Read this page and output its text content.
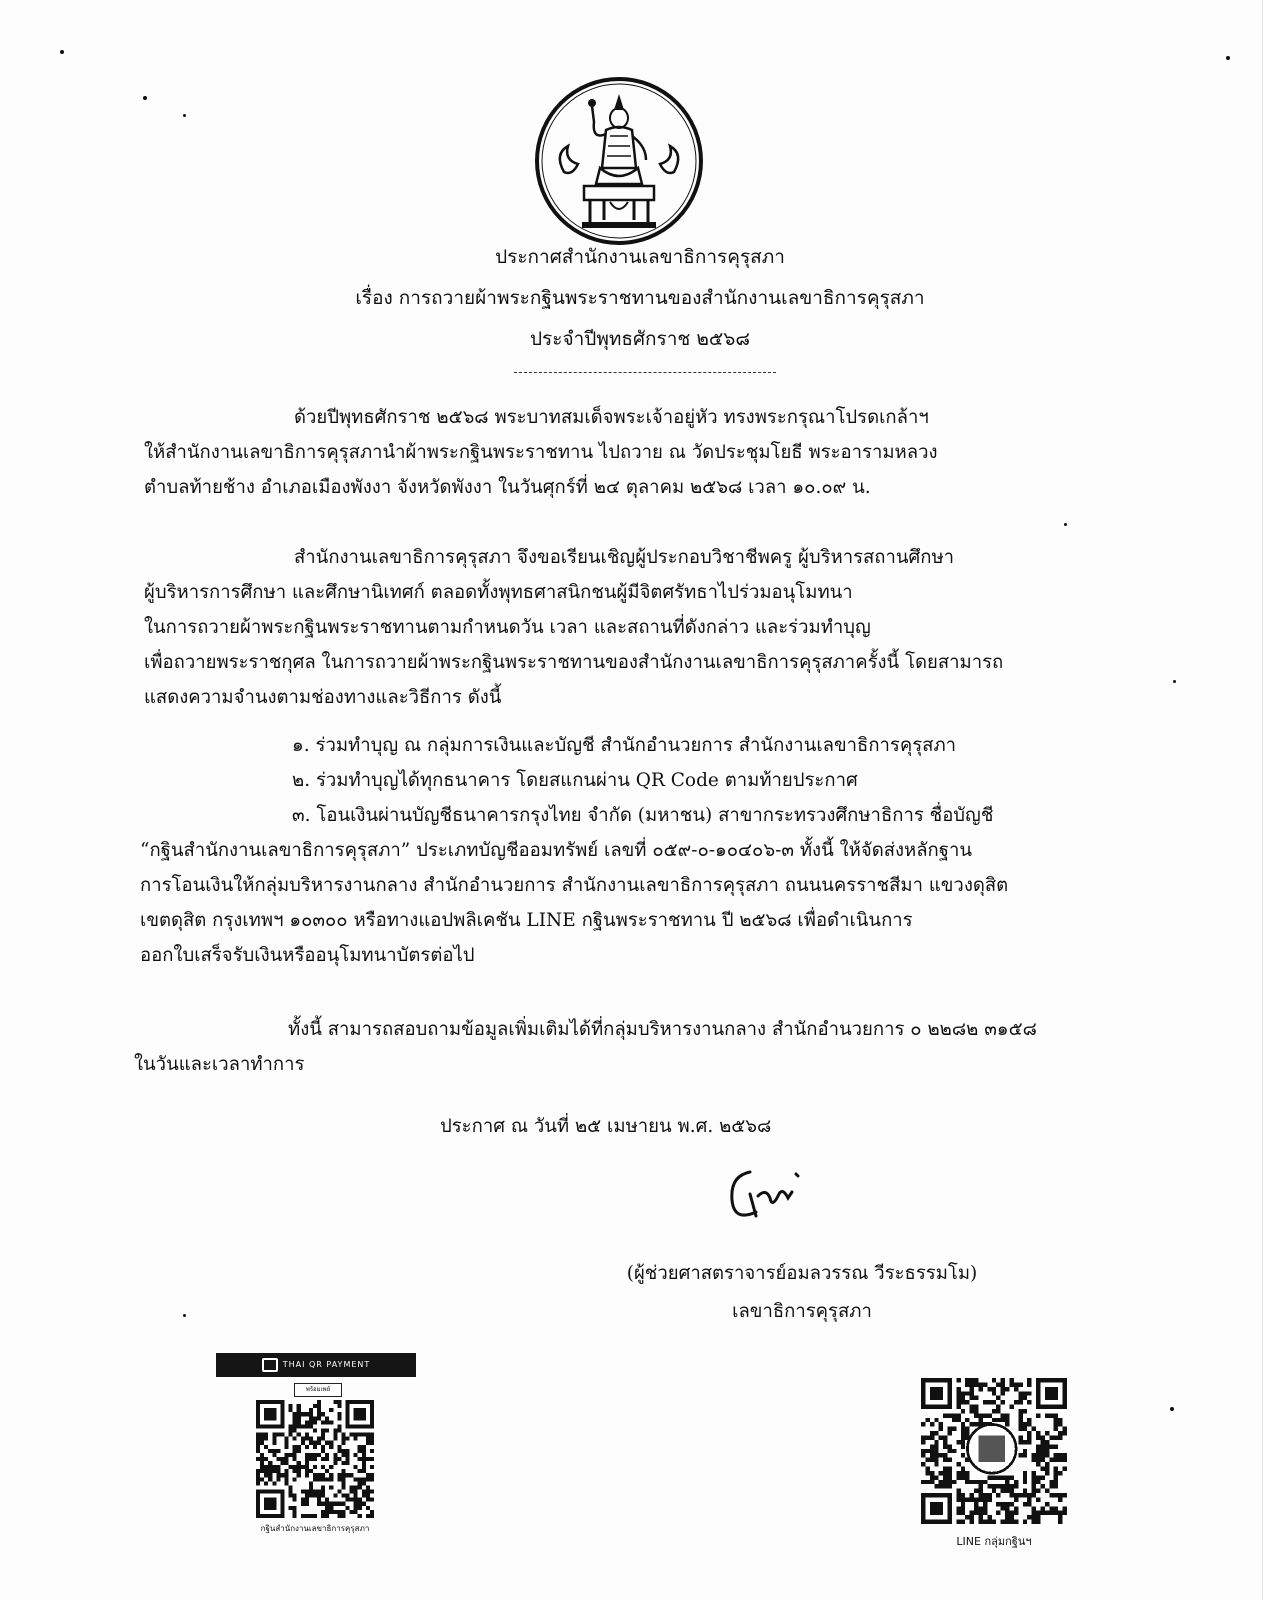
ประกาศสำนักงานเลขาธิการคุรุสภา
เรื่อง การถวายผ้าพระกฐินพระราชทานของสำนักงานเลขาธิการคุรุสภา
ประจำปีพุทธศักราช ๒๕๖๘
ด้วยปีพุทธศักราช ๒๕๖๘ พระบาทสมเด็จพระเจ้าอยู่หัว ทรงพระกรุณาโปรดเกล้าฯ
ให้สำนักงานเลขาธิการคุรุสภานำผ้าพระกฐินพระราชทาน ไปถวาย ณ วัดประชุมโยธี พระอารามหลวง
ตำบลท้ายช้าง อำเภอเมืองพังงา จังหวัดพังงา ในวันศุกร์ที่ ๒๔ ตุลาคม ๒๕๖๘ เวลา ๑๐.๐๙ น.
สำนักงานเลขาธิการคุรุสภา จึงขอเรียนเชิญผู้ประกอบวิชาชีพครู ผู้บริหารสถานศึกษา
ผู้บริหารการศึกษา และศึกษานิเทศก์ ตลอดทั้งพุทธศาสนิกชนผู้มีจิตศรัทธาไปร่วมอนุโมทนา
ในการถวายผ้าพระกฐินพระราชทานตามกำหนดวัน เวลา และสถานที่ดังกล่าว และร่วมทำบุญ
เพื่อถวายพระราชกุศล ในการถวายผ้าพระกฐินพระราชทานของสำนักงานเลขาธิการคุรุสภาครั้งนี้ โดยสามารถ
แสดงความจำนงตามช่องทางและวิธีการ ดังนี้
๑. ร่วมทำบุญ ณ กลุ่มการเงินและบัญชี สำนักอำนวยการ สำนักงานเลขาธิการคุรุสภา
๒. ร่วมทำบุญได้ทุกธนาคาร โดยสแกนผ่าน QR Code ตามท้ายประกาศ
๓. โอนเงินผ่านบัญชีธนาคารกรุงไทย จำกัด (มหาชน) สาขากระทรวงศึกษาธิการ ชื่อบัญชี
“กฐินสำนักงานเลขาธิการคุรุสภา” ประเภทบัญชีออมทรัพย์ เลขที่ ๐๕๙-๐-๑๐๔๐๖-๓ ทั้งนี้ ให้จัดส่งหลักฐาน
การโอนเงินให้กลุ่มบริหารงานกลาง สำนักอำนวยการ สำนักงานเลขาธิการคุรุสภา ถนนนครราชสีมา แขวงดุสิต
เขตดุสิต กรุงเทพฯ ๑๐๓๐๐ หรือทางแอปพลิเคชัน LINE กฐินพระราชทาน ปี ๒๕๖๘ เพื่อดำเนินการ
ออกใบเสร็จรับเงินหรืออนุโมทนาบัตรต่อไป
ทั้งนี้ สามารถสอบถามข้อมูลเพิ่มเติมได้ที่กลุ่มบริหารงานกลาง สำนักอำนวยการ ๐ ๒๒๘๒ ๓๑๕๘
ในวันและเวลาทำการ
ประกาศ ณ วันที่ ๒๕ เมษายน พ.ศ. ๒๕๖๘
(ผู้ช่วยศาสตราจารย์อมลวรรณ วีระธรรมโม)
เลขาธิการคุรุสภา
THAI QR PAYMENT
พร้อมเพย์
กฐินสำนักงานเลขาธิการคุรุสภา
LINE กลุ่มกฐินฯ
